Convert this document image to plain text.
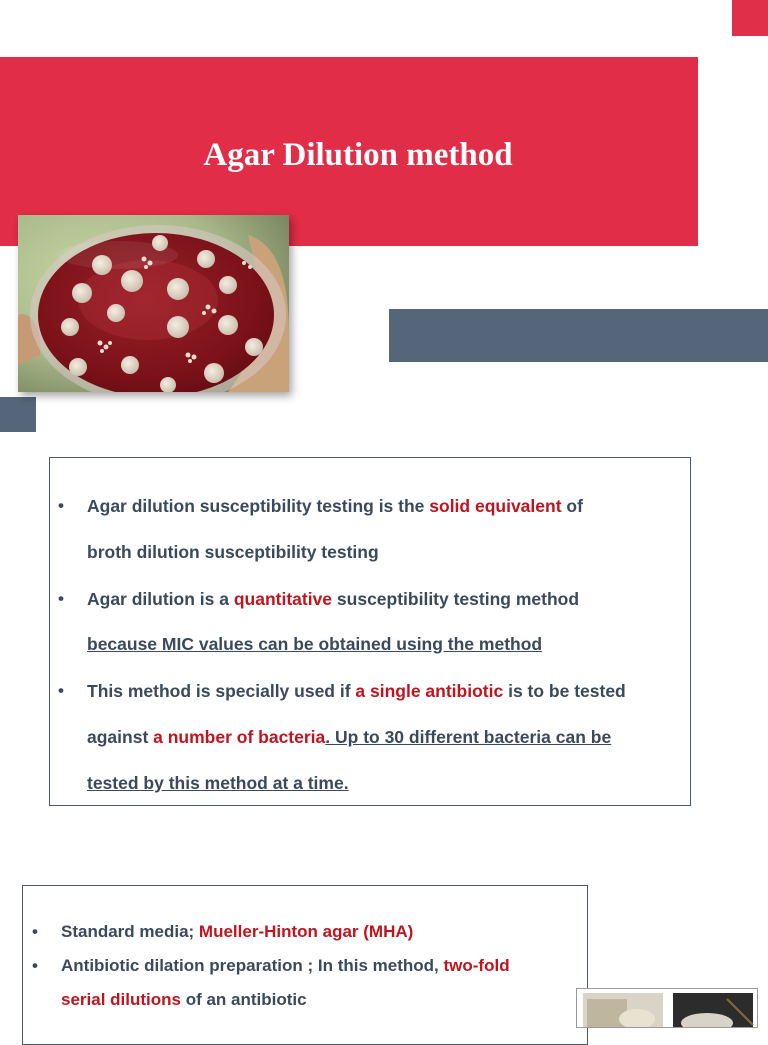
Agar Dilution method
• Agar dilution susceptibility testing is the solid equivalent of
broth dilution susceptibility testing
• Agar dilution is a quantitative susceptibility testing method
because MIC values can be obtained using the method
• This method is specially used if a single antibiotic is to be tested
against a number of bacteria. Up to 30 different bacteria can be
tested by this method at a time.
• Standard media; Mueller-Hinton agar (MHA)
• Antibiotic dilation preparation ; In this method, two-fold
serial dilutions of an antibiotic
